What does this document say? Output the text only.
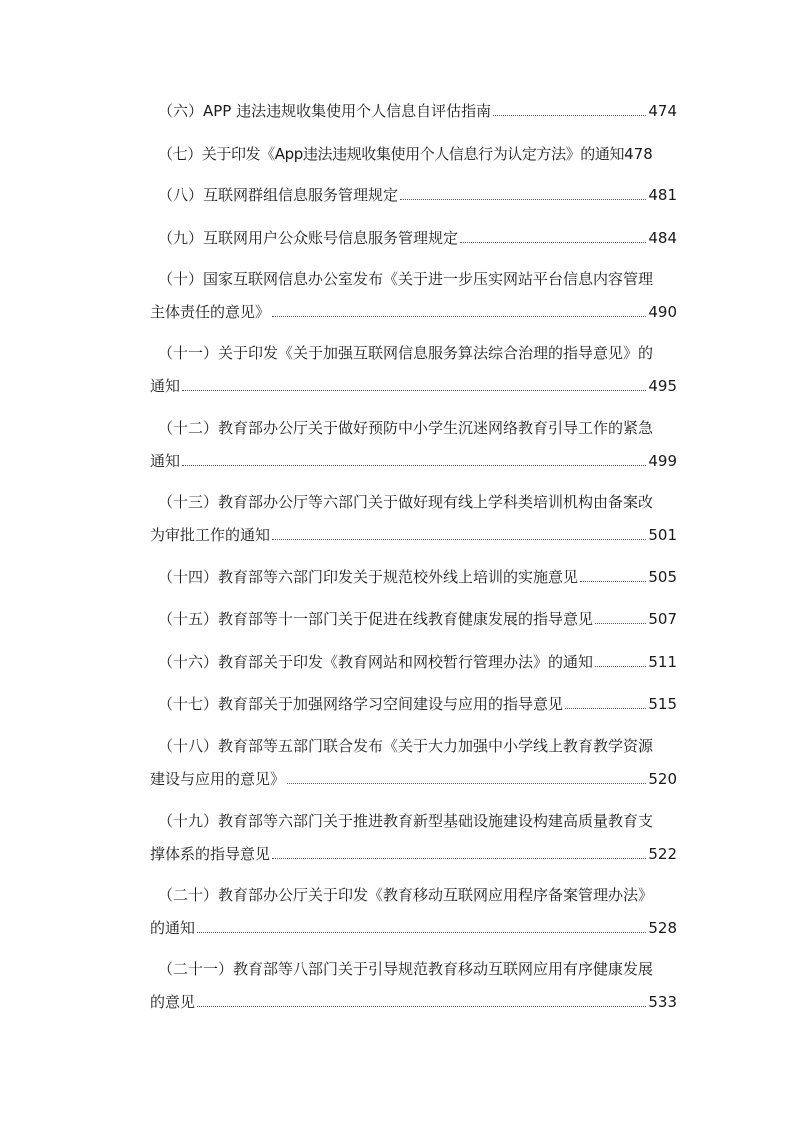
（六）APP 违法违规收集使用个人信息自评估指南	474
（七）关于印发《App违法违规收集使用个人信息行为认定方法》的通知 478
（八）互联网群组信息服务管理规定	481
（九）互联网用户公众账号信息服务管理规定	484
（十）国家互联网信息办公室发布《关于进一步压实网站平台信息内容管理
主体责任的意见》	490
（十一）关于印发《关于加强互联网信息服务算法综合治理的指导意见》的
通知	495
（十二）教育部办公厅关于做好预防中小学生沉迷网络教育引导工作的紧急
通知	499
（十三）教育部办公厅等六部门关于做好现有线上学科类培训机构由备案改
为审批工作的通知	501
（十四）教育部等六部门印发关于规范校外线上培训的实施意见	505
（十五）教育部等十一部门关于促进在线教育健康发展的指导意见	507
（十六）教育部关于印发《教育网站和网校暂行管理办法》的通知	511
（十七）教育部关于加强网络学习空间建设与应用的指导意见	515
（十八）教育部等五部门联合发布《关于大力加强中小学线上教育教学资源
建设与应用的意见》	520
（十九）教育部等六部门关于推进教育新型基础设施建设构建高质量教育支
撑体系的指导意见	522
（二十）教育部办公厅关于印发《教育移动互联网应用程序备案管理办法》
的通知	528
（二十一）教育部等八部门关于引导规范教育移动互联网应用有序健康发展
的意见	533
